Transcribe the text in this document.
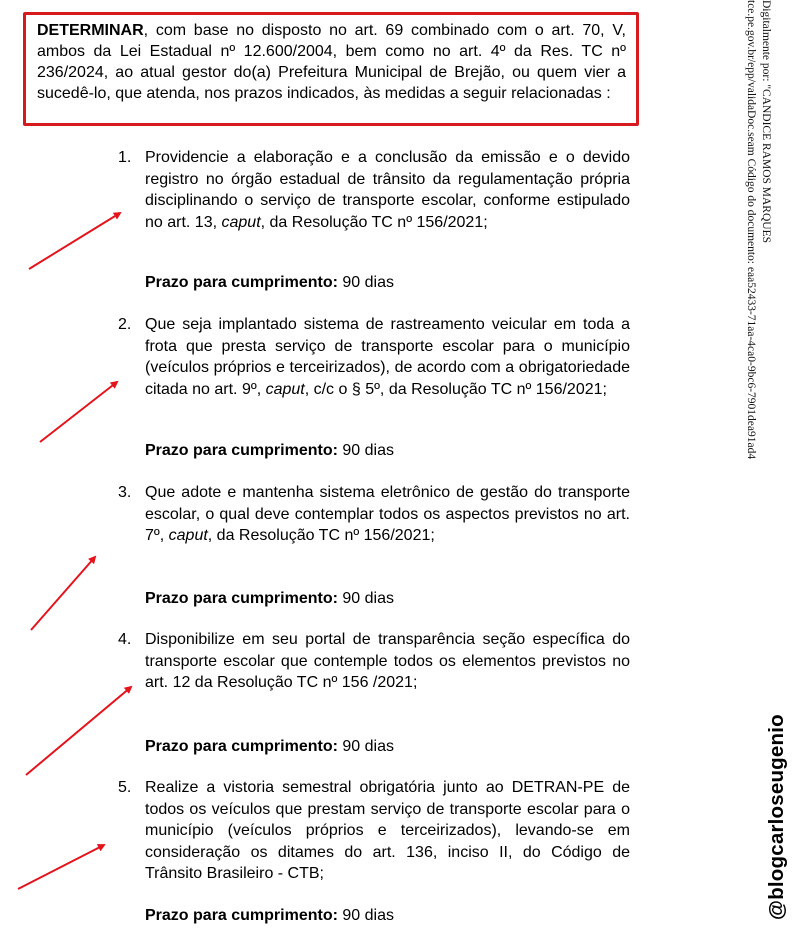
DETERMINAR, com base no disposto no art. 69 combinado com o art. 70, V, ambos da Lei Estadual nº 12.600/2004, bem como no art. 4º da Res. TC nº 236/2024, ao atual gestor do(a) Prefeitura Municipal de Brejão, ou quem vier a sucedê-lo, que atenda, nos prazos indicados, às medidas a seguir relacionadas :
1. Providencie a elaboração e a conclusão da emissão e o devido registro no órgão estadual de trânsito da regulamentação própria disciplinando o serviço de transporte escolar, conforme estipulado no art. 13, caput, da Resolução TC nº 156/2021;
Prazo para cumprimento: 90 dias
2. Que seja implantado sistema de rastreamento veicular em toda a frota que presta serviço de transporte escolar para o município (veículos próprios e terceirizados), de acordo com a obrigatoriedade citada no art. 9º, caput, c/c o § 5º, da Resolução TC nº 156/2021;
Prazo para cumprimento: 90 dias
3. Que adote e mantenha sistema eletrônico de gestão do transporte escolar, o qual deve contemplar todos os aspectos previstos no art. 7º, caput, da Resolução TC nº 156/2021;
Prazo para cumprimento: 90 dias
4. Disponibilize em seu portal de transparência seção específica do transporte escolar que contemple todos os elementos previstos no art. 12 da Resolução TC nº 156 /2021;
Prazo para cumprimento: 90 dias
5. Realize a vistoria semestral obrigatória junto ao DETRAN-PE de todos os veículos que prestam serviço de transporte escolar para o município (veículos próprios e terceirizados), levando-se em consideração os ditames do art. 136, inciso II, do Código de Trânsito Brasileiro - CTB;
Prazo para cumprimento: 90 dias
Digitalmente por: "CANDICE RAMOS MARQUES
tce.pe.gov.br/epp/validaDoc.seam Código do documento: eaa52433-71aa-4ca0-9bc6-7901dea91ad4
@blogcarloseugenio
